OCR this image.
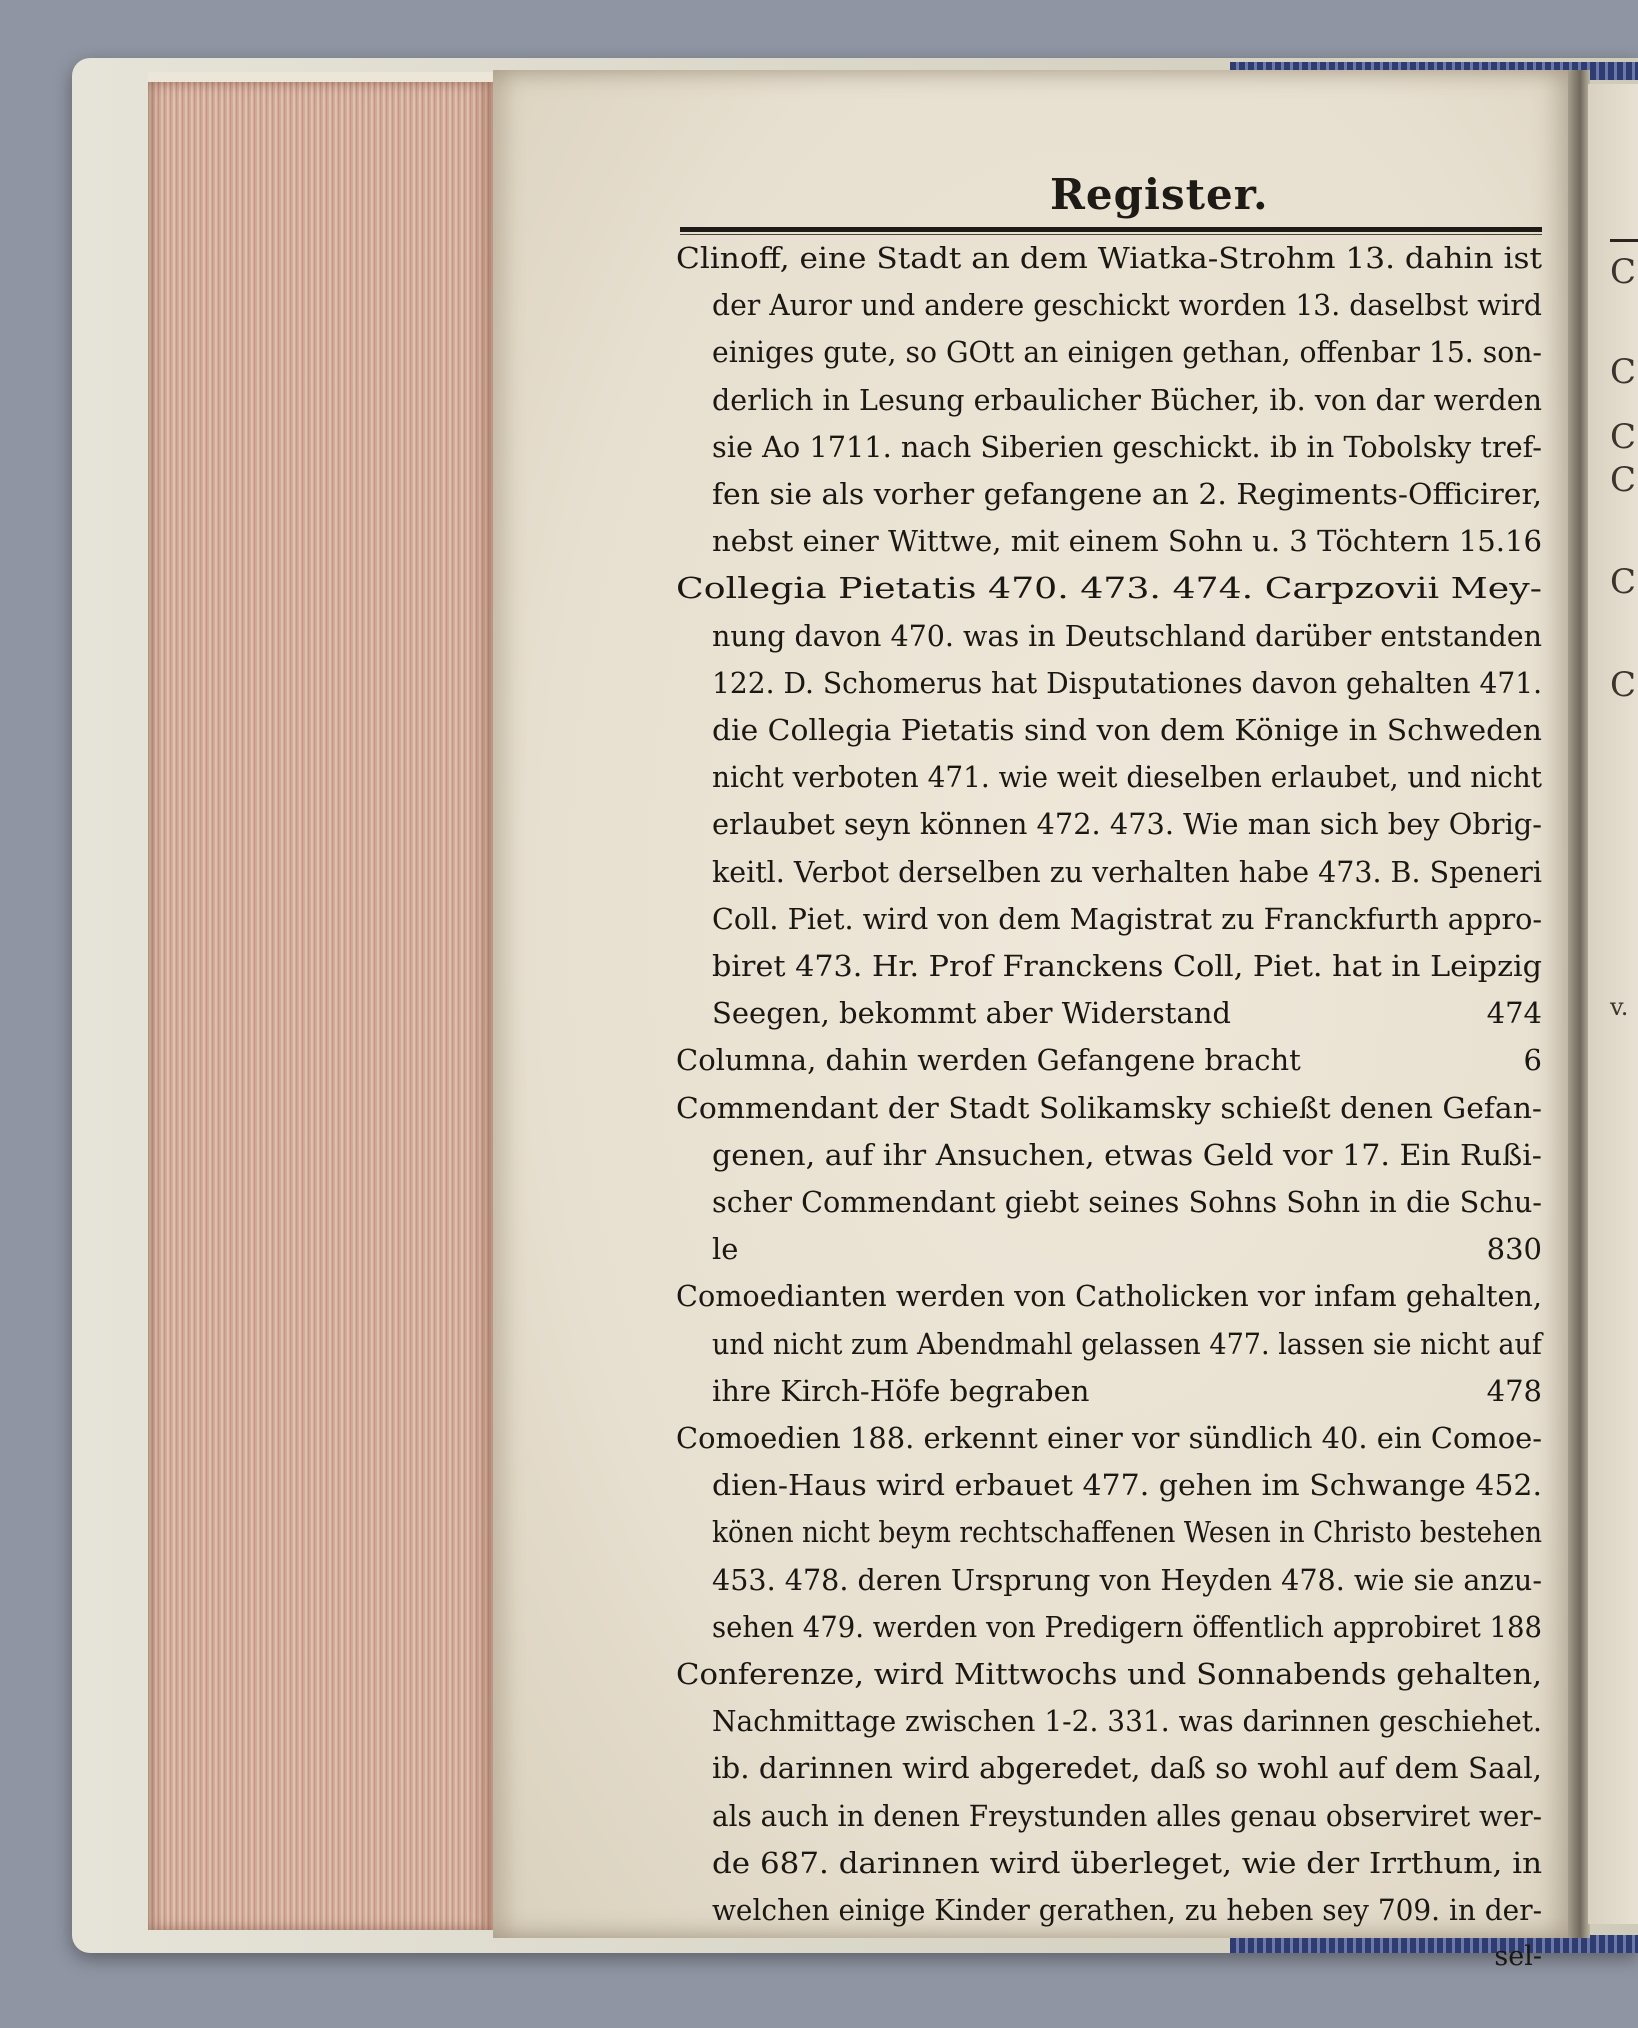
C
C
C
C
C
C
v.
Register.
Clinoff, eine Stadt an dem Wiatka-Strohm 13. dahin ist
der Auror und andere geschickt worden 13. daselbst wird
einiges gute, so GOtt an einigen gethan, offenbar 15. son-
derlich in Lesung erbaulicher Bücher, ib. von dar werden
sie Ao 1711. nach Siberien geschickt. ib in Tobolsky tref-
fen sie als vorher gefangene an 2. Regiments-Officirer,
nebst einer Wittwe, mit einem Sohn u. 3 Töchtern 15.16
Collegia Pietatis 470. 473. 474. Carpzovii Mey-
nung davon 470. was in Deutschland darüber entstanden
122. D. Schomerus hat Disputationes davon gehalten 471.
die Collegia Pietatis sind von dem Könige in Schweden
nicht verboten 471. wie weit dieselben erlaubet, und nicht
erlaubet seyn können 472. 473. Wie man sich bey Obrig-
keitl. Verbot derselben zu verhalten habe 473. B. Speneri
Coll. Piet. wird von dem Magistrat zu Franckfurth appro-
biret 473. Hr. Prof Franckens Coll, Piet. hat in Leipzig
Seegen, bekommt aber Widerstand	474
Columna, dahin werden Gefangene bracht	6
Commendant der Stadt Solikamsky schießt denen Gefan-
genen, auf ihr Ansuchen, etwas Geld vor 17. Ein Rußi-
scher Commendant giebt seines Sohns Sohn in die Schu-
le	830
Comoedianten werden von Catholicken vor infam gehalten,
und nicht zum Abendmahl gelassen 477. lassen sie nicht auf
ihre Kirch-Höfe begraben	478
Comoedien 188. erkennt einer vor sündlich 40. ein Comoe-
dien-Haus wird erbauet 477. gehen im Schwange 452.
könen nicht beym rechtschaffenen Wesen in Christo bestehen
453. 478. deren Ursprung von Heyden 478. wie sie anzu-
sehen 479. werden von Predigern öffentlich approbiret 188
Conferenze, wird Mittwochs und Sonnabends gehalten,
Nachmittage zwischen 1-2. 331. was darinnen geschiehet.
ib. darinnen wird abgeredet, daß so wohl auf dem Saal,
als auch in denen Freystunden alles genau observiret wer-
de 687. darinnen wird überleget, wie der Irrthum, in
welchen einige Kinder gerathen, zu heben sey 709. in der-
sel-
